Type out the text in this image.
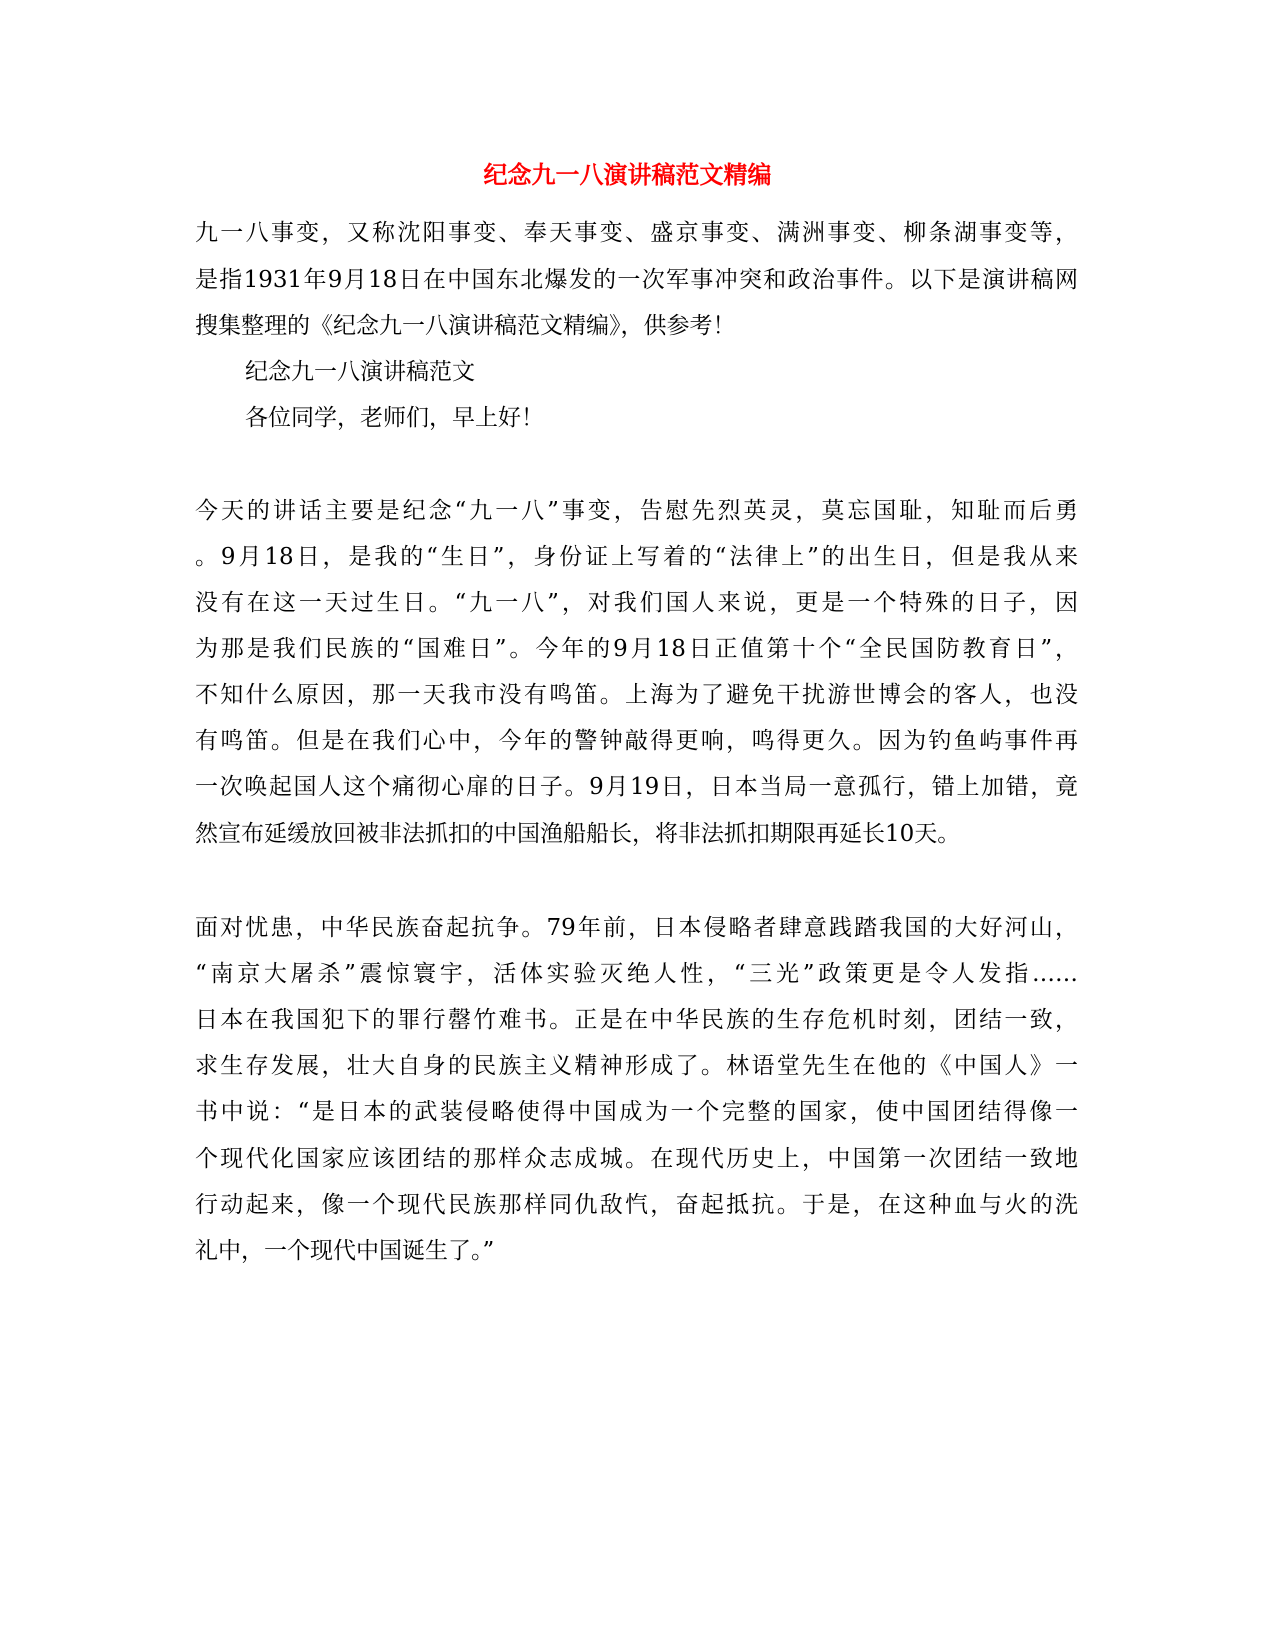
纪念九一八演讲稿范文精编

九一八事变，又称沈阳事变、奉天事变、盛京事变、满洲事变、柳条湖事变等，

是指1931年9月18日在中国东北爆发的一次军事冲突和政治事件。以下是演讲稿网

搜集整理的《纪念九一八演讲稿范文精编》，供参考！

纪念九一八演讲稿范文

各位同学，老师们，早上好！

今天的讲话主要是纪念“九一八”事变，告慰先烈英灵，莫忘国耻，知耻而后勇

。9月18日，是我的“生日”，身份证上写着的“法律上”的出生日，但是我从来

没有在这一天过生日。“九一八”，对我们国人来说，更是一个特殊的日子，因

为那是我们民族的“国难日”。今年的9月18日正值第十个“全民国防教育日”，

不知什么原因，那一天我市没有鸣笛。上海为了避免干扰游世博会的客人，也没

有鸣笛。但是在我们心中，今年的警钟敲得更响，鸣得更久。因为钓鱼屿事件再

一次唤起国人这个痛彻心扉的日子。9月19日，日本当局一意孤行，错上加错，竟

然宣布延缓放回被非法抓扣的中国渔船船长，将非法抓扣期限再延长10天。

面对忧患，中华民族奋起抗争。79年前，日本侵略者肆意践踏我国的大好河山，

“南京大屠杀”震惊寰宇，活体实验灭绝人性，“三光”政策更是令人发指……

日本在我国犯下的罪行罄竹难书。正是在中华民族的生存危机时刻，团结一致，

求生存发展，壮大自身的民族主义精神形成了。林语堂先生在他的《中国人》一

书中说：“是日本的武装侵略使得中国成为一个完整的国家，使中国团结得像一

个现代化国家应该团结的那样众志成城。在现代历史上，中国第一次团结一致地

行动起来，像一个现代民族那样同仇敌忾，奋起抵抗。于是，在这种血与火的洗

礼中，一个现代中国诞生了。”
